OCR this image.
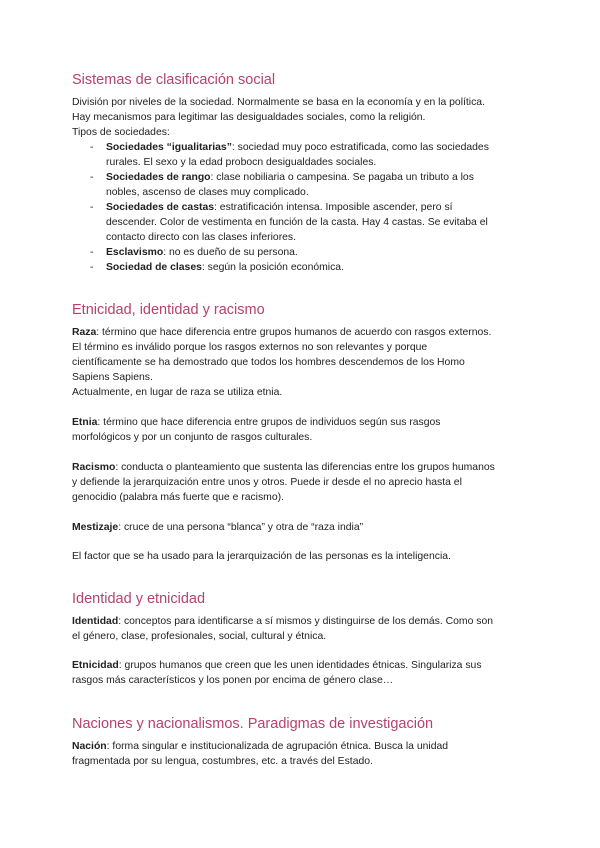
Sistemas de clasificación social
División por niveles de la sociedad. Normalmente se basa en la economía y en la política.
Hay mecanismos para legitimar las desigualdades sociales, como la religión.
Tipos de sociedades:
- Sociedades “igualitarias”: sociedad muy poco estratificada, como las sociedades
rurales. El sexo y la edad probocn desigualdades sociales.
- Sociedades de rango: clase nobiliaria o campesina. Se pagaba un tributo a los
nobles, ascenso de clases muy complicado.
- Sociedades de castas: estratificación intensa. Imposible ascender, pero sí
descender. Color de vestimenta en función de la casta. Hay 4 castas. Se evitaba el
contacto directo con las clases inferiores.
- Esclavismo: no es dueño de su persona.
- Sociedad de clases: según la posición económica.
Etnicidad, identidad y racismo
Raza: término que hace diferencia entre grupos humanos de acuerdo con rasgos externos.
El término es inválido porque los rasgos externos no son relevantes y porque
científicamente se ha demostrado que todos los hombres descendemos de los Homo
Sapiens Sapiens.
Actualmente, en lugar de raza se utiliza etnia.
Etnia: término que hace diferencia entre grupos de individuos según sus rasgos
morfológicos y por un conjunto de rasgos culturales.
Racismo: conducta o planteamiento que sustenta las diferencias entre los grupos humanos
y defiende la jerarquización entre unos y otros. Puede ir desde el no aprecio hasta el
genocidio (palabra más fuerte que e racismo).
Mestizaje: cruce de una persona “blanca” y otra de “raza india”
El factor que se ha usado para la jerarquización de las personas es la inteligencia.
Identidad y etnicidad
Identidad: conceptos para identificarse a sí mismos y distinguirse de los demás. Como son
el género, clase, profesionales, social, cultural y étnica.
Etnicidad: grupos humanos que creen que les unen identidades étnicas. Singulariza sus
rasgos más característicos y los ponen por encima de género clase…
Naciones y nacionalismos. Paradigmas de investigación
Nación: forma singular e institucionalizada de agrupación étnica. Busca la unidad
fragmentada por su lengua, costumbres, etc. a través del Estado.
